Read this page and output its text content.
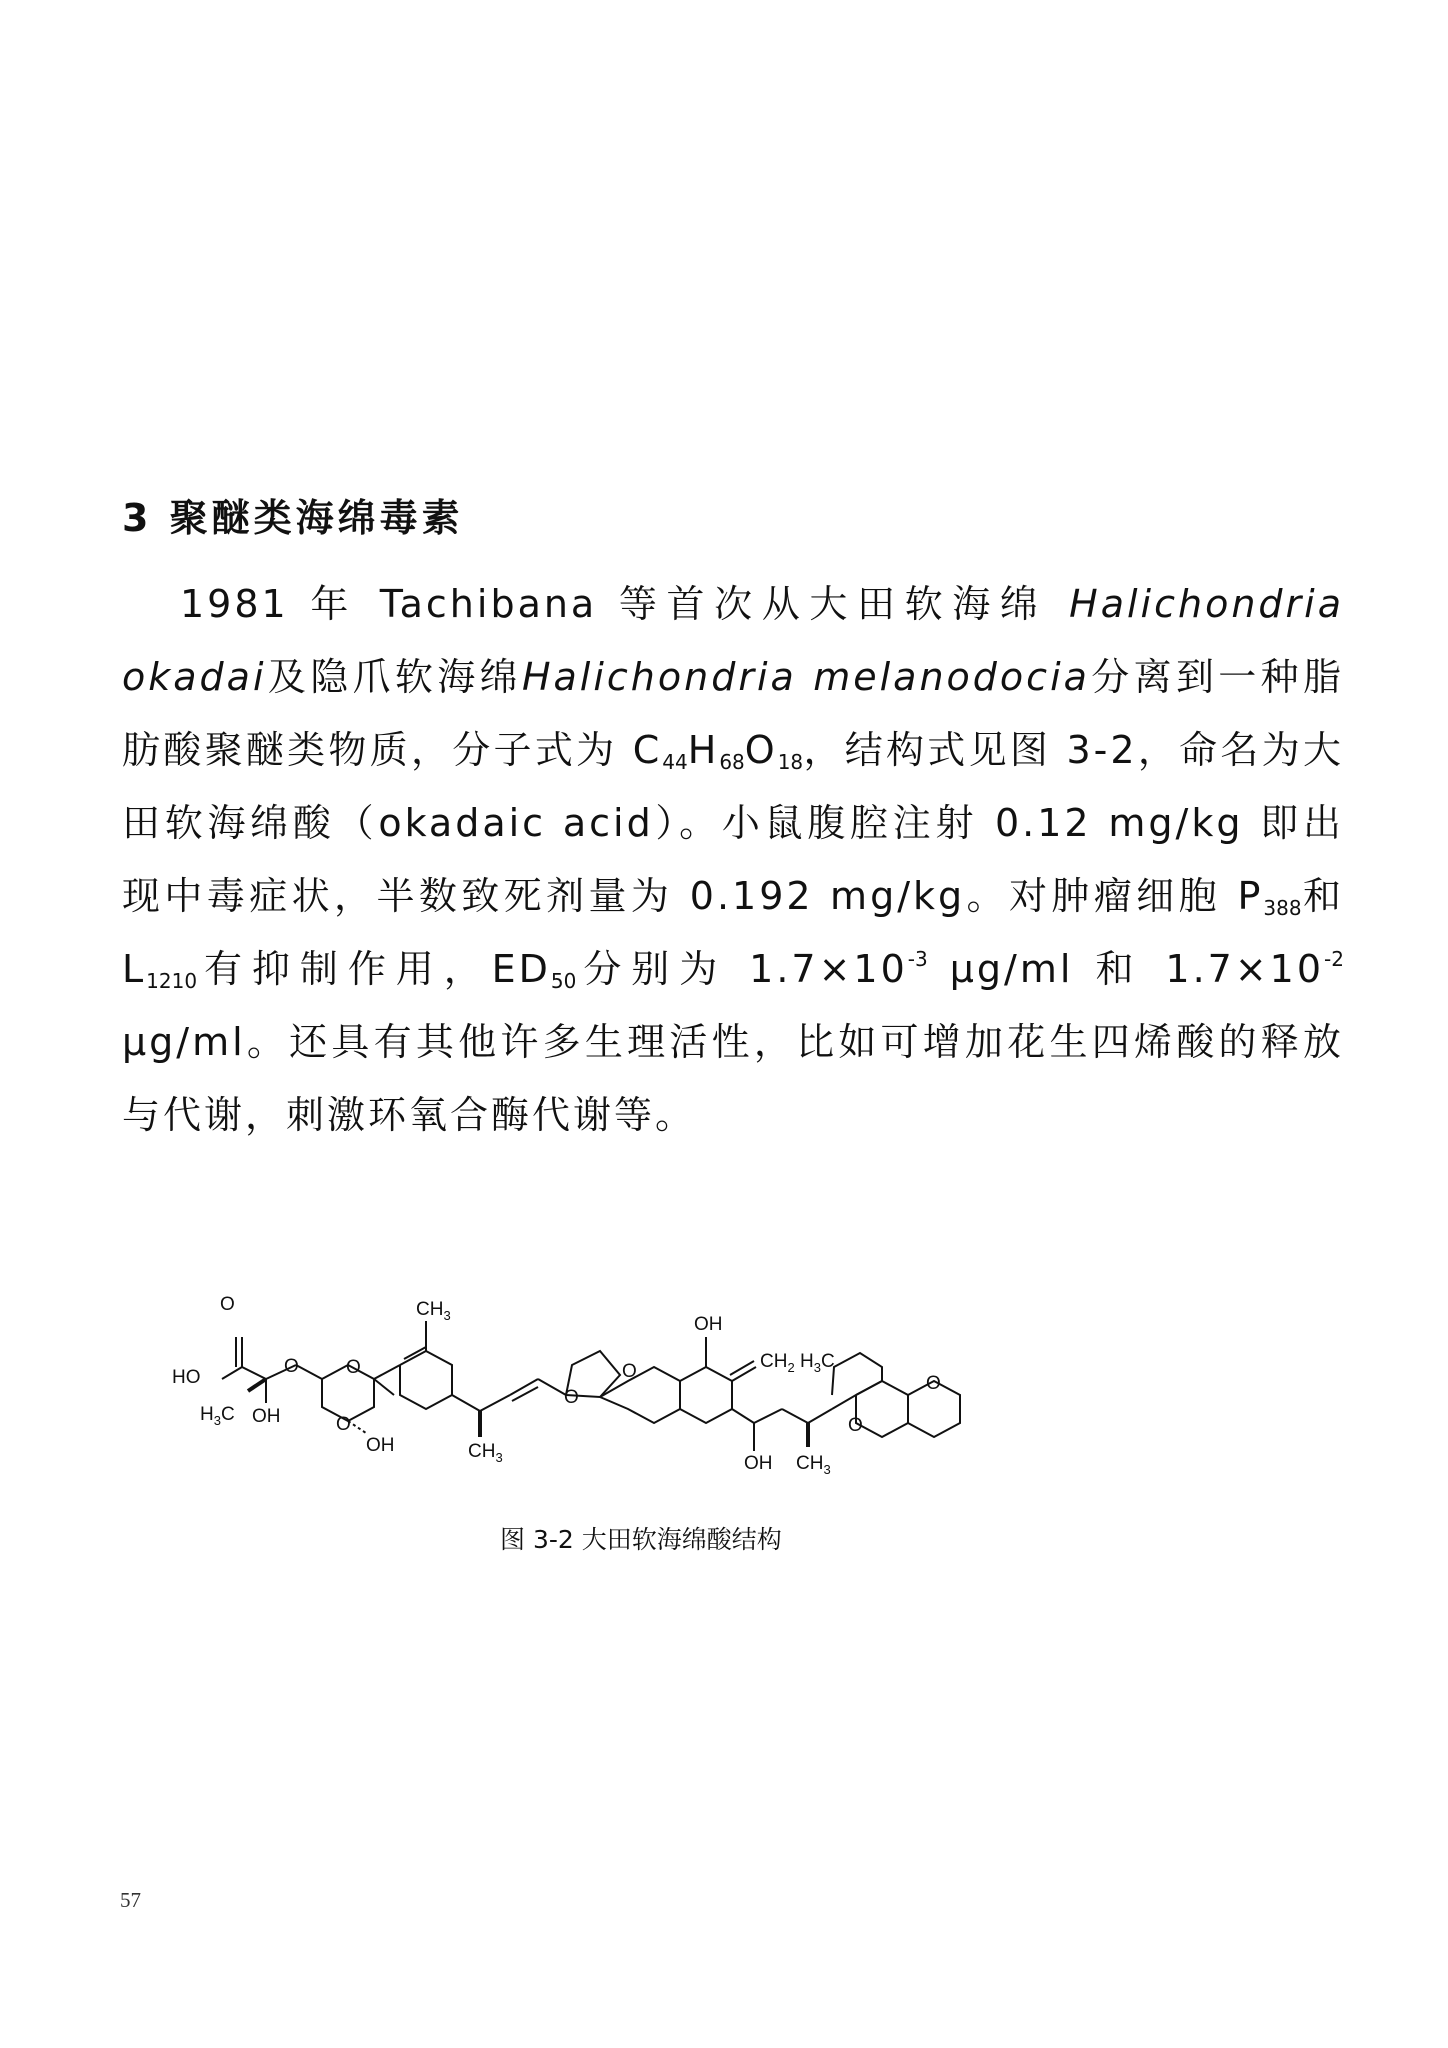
3 聚醚类海绵毒素
1981 年 Tachibana 等首次从大田软海绵 Halichondria okadai及隐爪软海绵Halichondria melanodocia分离到一种脂肪酸聚醚类物质，分子式为 $C_{44}H_{68}O_{18}$，结构式见图 3-2，命名为大田软海绵酸（okadaic acid）。小鼠腹腔注射 0.12 mg/kg 即出现中毒症状，半数致死剂量为 0.192 mg/kg。对肿瘤细胞 $P_{388}$和 $L_{1210}$有抑制作用，$ED_{50}$分别为 $1.7\times 10^{-3}$ μg/ml 和 $1.7\times 10^{-2}$ μg/ml。还具有其他许多生理活性，比如可增加花生四烯酸的释放与代谢，刺激环氧合酶代谢等。
O
HO
$H_3C$ OH
O O
O
$CH_3$
OH	$CH_3$
O
O
OH
$CH_2$ $H_3C$
OH $CH_3$
O
O
图 3-2 大田软海绵酸结构
57
